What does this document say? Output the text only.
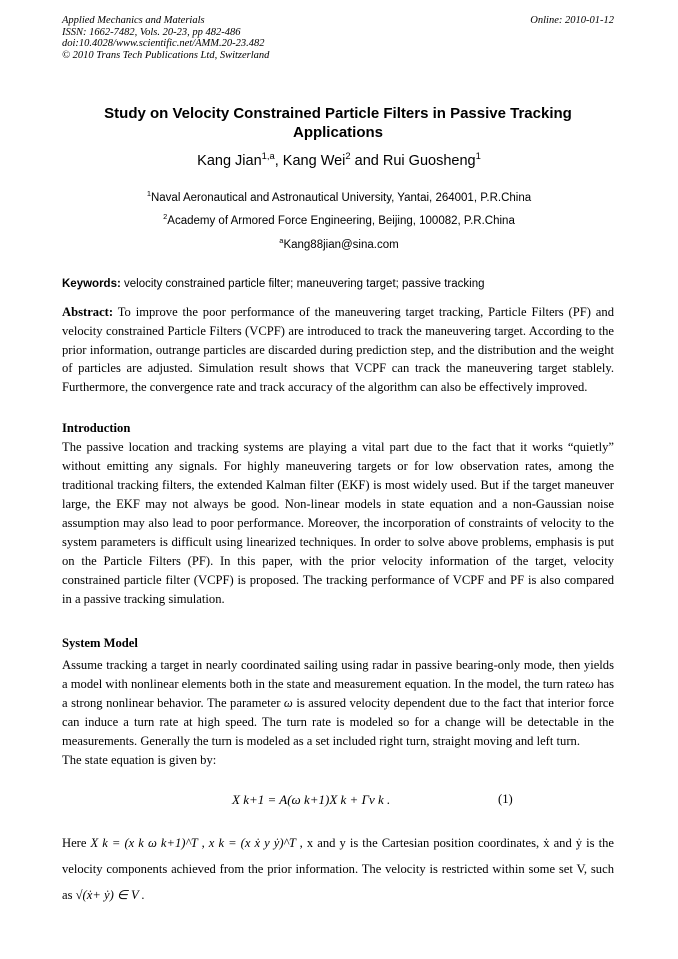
Applied Mechanics and Materials
ISSN: 1662-7482, Vols. 20-23, pp 482-486
doi:10.4028/www.scientific.net/AMM.20-23.482
© 2010 Trans Tech Publications Ltd, Switzerland
Online: 2010-01-12
Study on Velocity Constrained Particle Filters in Passive Tracking
Applications
Kang Jian$^{1,a}$, Kang Wei$^2$ and Rui Guosheng$^1$
$^1$Naval Aeronautical and Astronautical University, Yantai, 264001, P.R.China
$^2$Academy of Armored Force Engineering, Beijing, 100082, P.R.China
$^a$Kang88jian@sina.com
Keywords: velocity constrained particle filter; maneuvering target; passive tracking
Abstract: To improve the poor performance of the maneuvering target tracking, Particle Filters (PF) and velocity constrained Particle Filters (VCPF) are introduced to track the maneuvering target. According to the prior information, outrange particles are discarded during prediction step, and the distribution and the weight of particles are adjusted. Simulation result shows that VCPF can track the maneuvering target stablely. Furthermore, the convergence rate and track accuracy of the algorithm can also be effectively improved.
Introduction
The passive location and tracking systems are playing a vital part due to the fact that it works “quietly” without emitting any signals. For highly maneuvering targets or for low observation rates, among the traditional tracking filters, the extended Kalman filter (EKF) is most widely used. But if the target maneuver large, the EKF may not always be good. Non-linear models in state equation and a non-Gaussian noise assumption may also lead to poor performance. Moreover, the incorporation of constraints of velocity to the system parameters is difficult using linearized techniques. In order to solve above problems, emphasis is put on the Particle Filters (PF). In this paper, with the prior velocity information of the target, velocity constrained particle filter (VCPF) is proposed. The tracking performance of VCPF and PF is also compared in a passive tracking simulation.
System Model
Assume tracking a target in nearly coordinated sailing using radar in passive bearing-only mode, then yields a model with nonlinear elements both in the state and measurement equation. In the model, the turn rateω has a strong nonlinear behavior. The parameter ω is assured velocity dependent due to the fact that interior force can induce a turn rate at high speed. The turn rate is modeled so for a change will be detectable in the measurements. Generally the turn is modeled as a set included right turn, straight moving and left turn.
The state equation is given by:
X k+1 = A(ω k+1)X k + Γv k .	(1)
Here X k = (x k ω k+1)^T , x k = (x ẋ y ẏ)^T , x and y is the Cartesian position coordinates, ẋ and ẏ is the velocity components achieved from the prior information. The velocity is restricted within some set V, such as √(ẋ+ ẏ) ∈ V .
